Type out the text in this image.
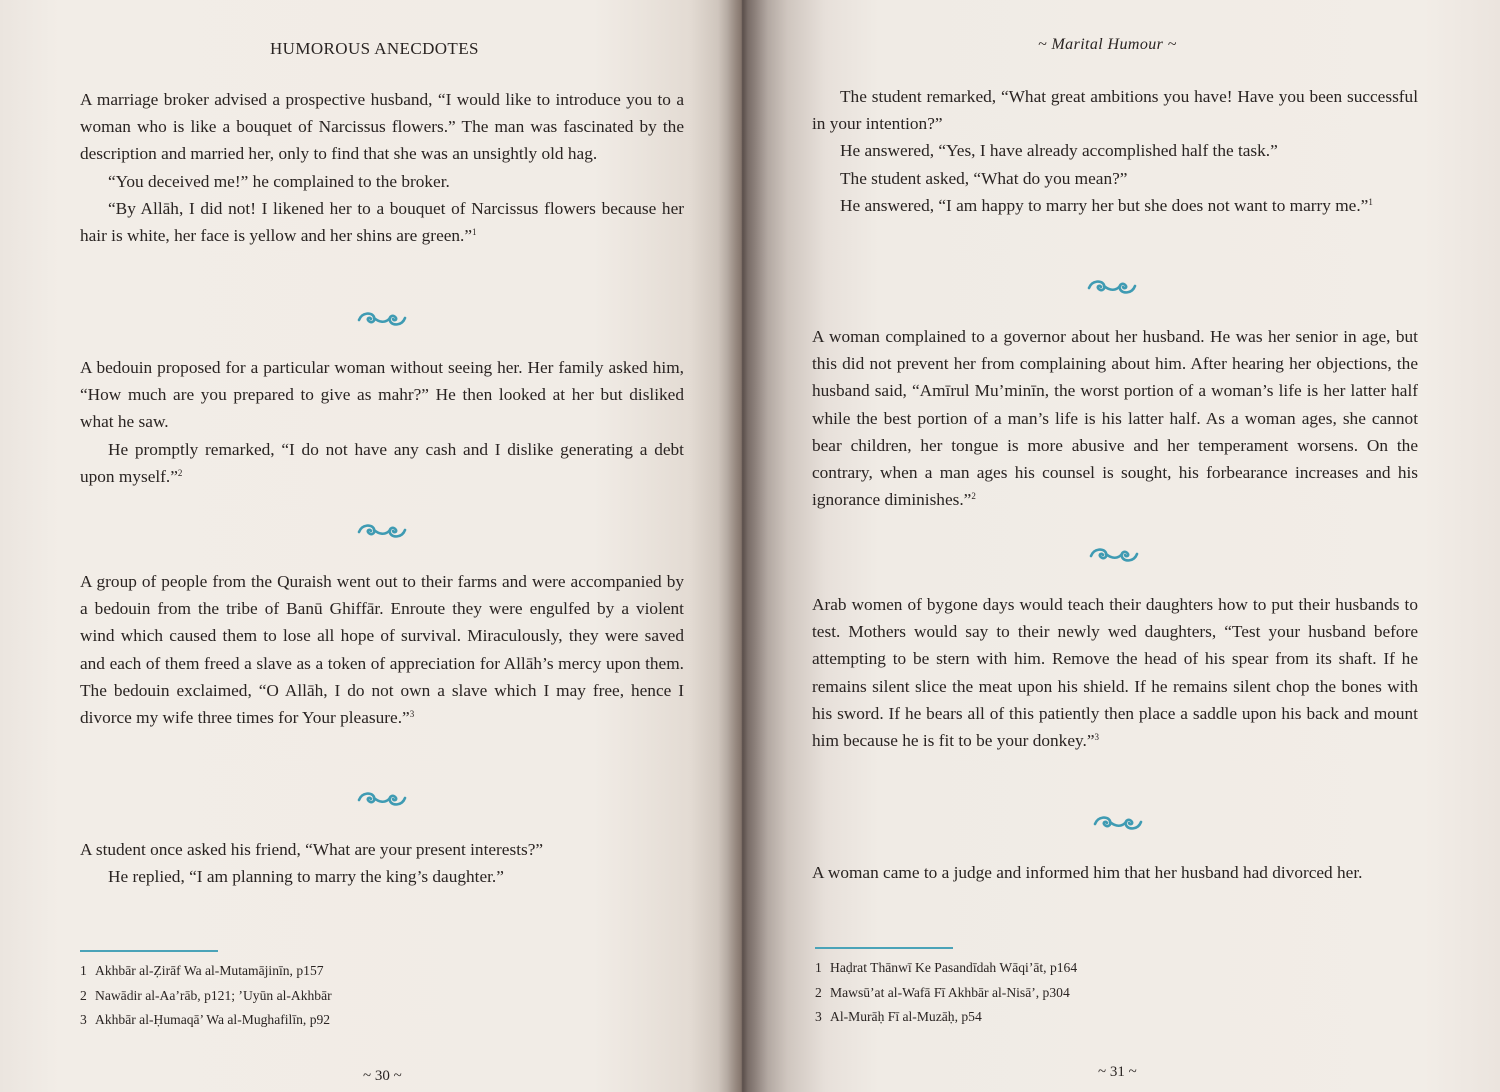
HUMOROUS ANECDOTES

A marriage broker advised a prospective husband, “I would like to introduce you to a woman who is like a bouquet of Narcissus flowers.” The man was fascinated by the description and married her, only to find that she was an unsightly old hag.

“You deceived me!” he complained to the broker.

“By Allāh, I did not! I likened her to a bouquet of Narcissus flowers because her hair is white, her face is yellow and her shins are green.”$^1$

A bedouin proposed for a particular woman without seeing her. Her family asked him, “How much are you prepared to give as mahr?” He then looked at her but disliked what he saw.

He promptly remarked, “I do not have any cash and I dislike generating a debt upon myself.”$^2$

A group of people from the Quraish went out to their farms and were accompanied by a bedouin from the tribe of Banū Ghiffār. Enroute they were engulfed by a violent wind which caused them to lose all hope of survival. Miraculously, they were saved and each of them freed a slave as a token of appreciation for Allāh’s mercy upon them. The bedouin exclaimed, “O Allāh, I do not own a slave which I may free, hence I divorce my wife three times for Your pleasure.”$^3$

A student once asked his friend, “What are your present interests?”

He replied, “I am planning to marry the king’s daughter.”

1 Akhbār al-Ẓirāf Wa al-Mutamājinīn, p157
2 Nawādir al-Aa’rāb, p121; ’Uyūn al-Akhbār
3 Akhbār al-Ḥumaqā’ Wa al-Mughafilīn, p92
~ 30 ~
~ Marital Humour ~

The student remarked, “What great ambitions you have! Have you been successful in your intention?”

He answered, “Yes, I have already accomplished half the task.”

The student asked, “What do you mean?”

He answered, “I am happy to marry her but she does not want to marry me.”$^1$

A woman complained to a governor about her husband. He was her senior in age, but this did not prevent her from complaining about him. After hearing her objections, the husband said, “Amīrul Mu’minīn, the worst portion of a woman’s life is her latter half while the best portion of a man’s life is his latter half. As a woman ages, she cannot bear children, her tongue is more abusive and her temperament worsens. On the contrary, when a man ages his counsel is sought, his forbearance increases and his ignorance diminishes.”$^2$

Arab women of bygone days would teach their daughters how to put their husbands to test. Mothers would say to their newly wed daughters, “Test your husband before attempting to be stern with him. Remove the head of his spear from its shaft. If he remains silent slice the meat upon his shield. If he remains silent chop the bones with his sword. If he bears all of this patiently then place a saddle upon his back and mount him because he is fit to be your donkey.”$^3$

A woman came to a judge and informed him that her husband had divorced her.

1 Haḍrat Thānwī Ke Pasandīdah Wāqi’āt, p164
2 Mawsū’at al-Wafā Fī Akhbār al-Nisā’, p304
3 Al-Murāḥ Fī al-Muzāḥ, p54
~ 31 ~
